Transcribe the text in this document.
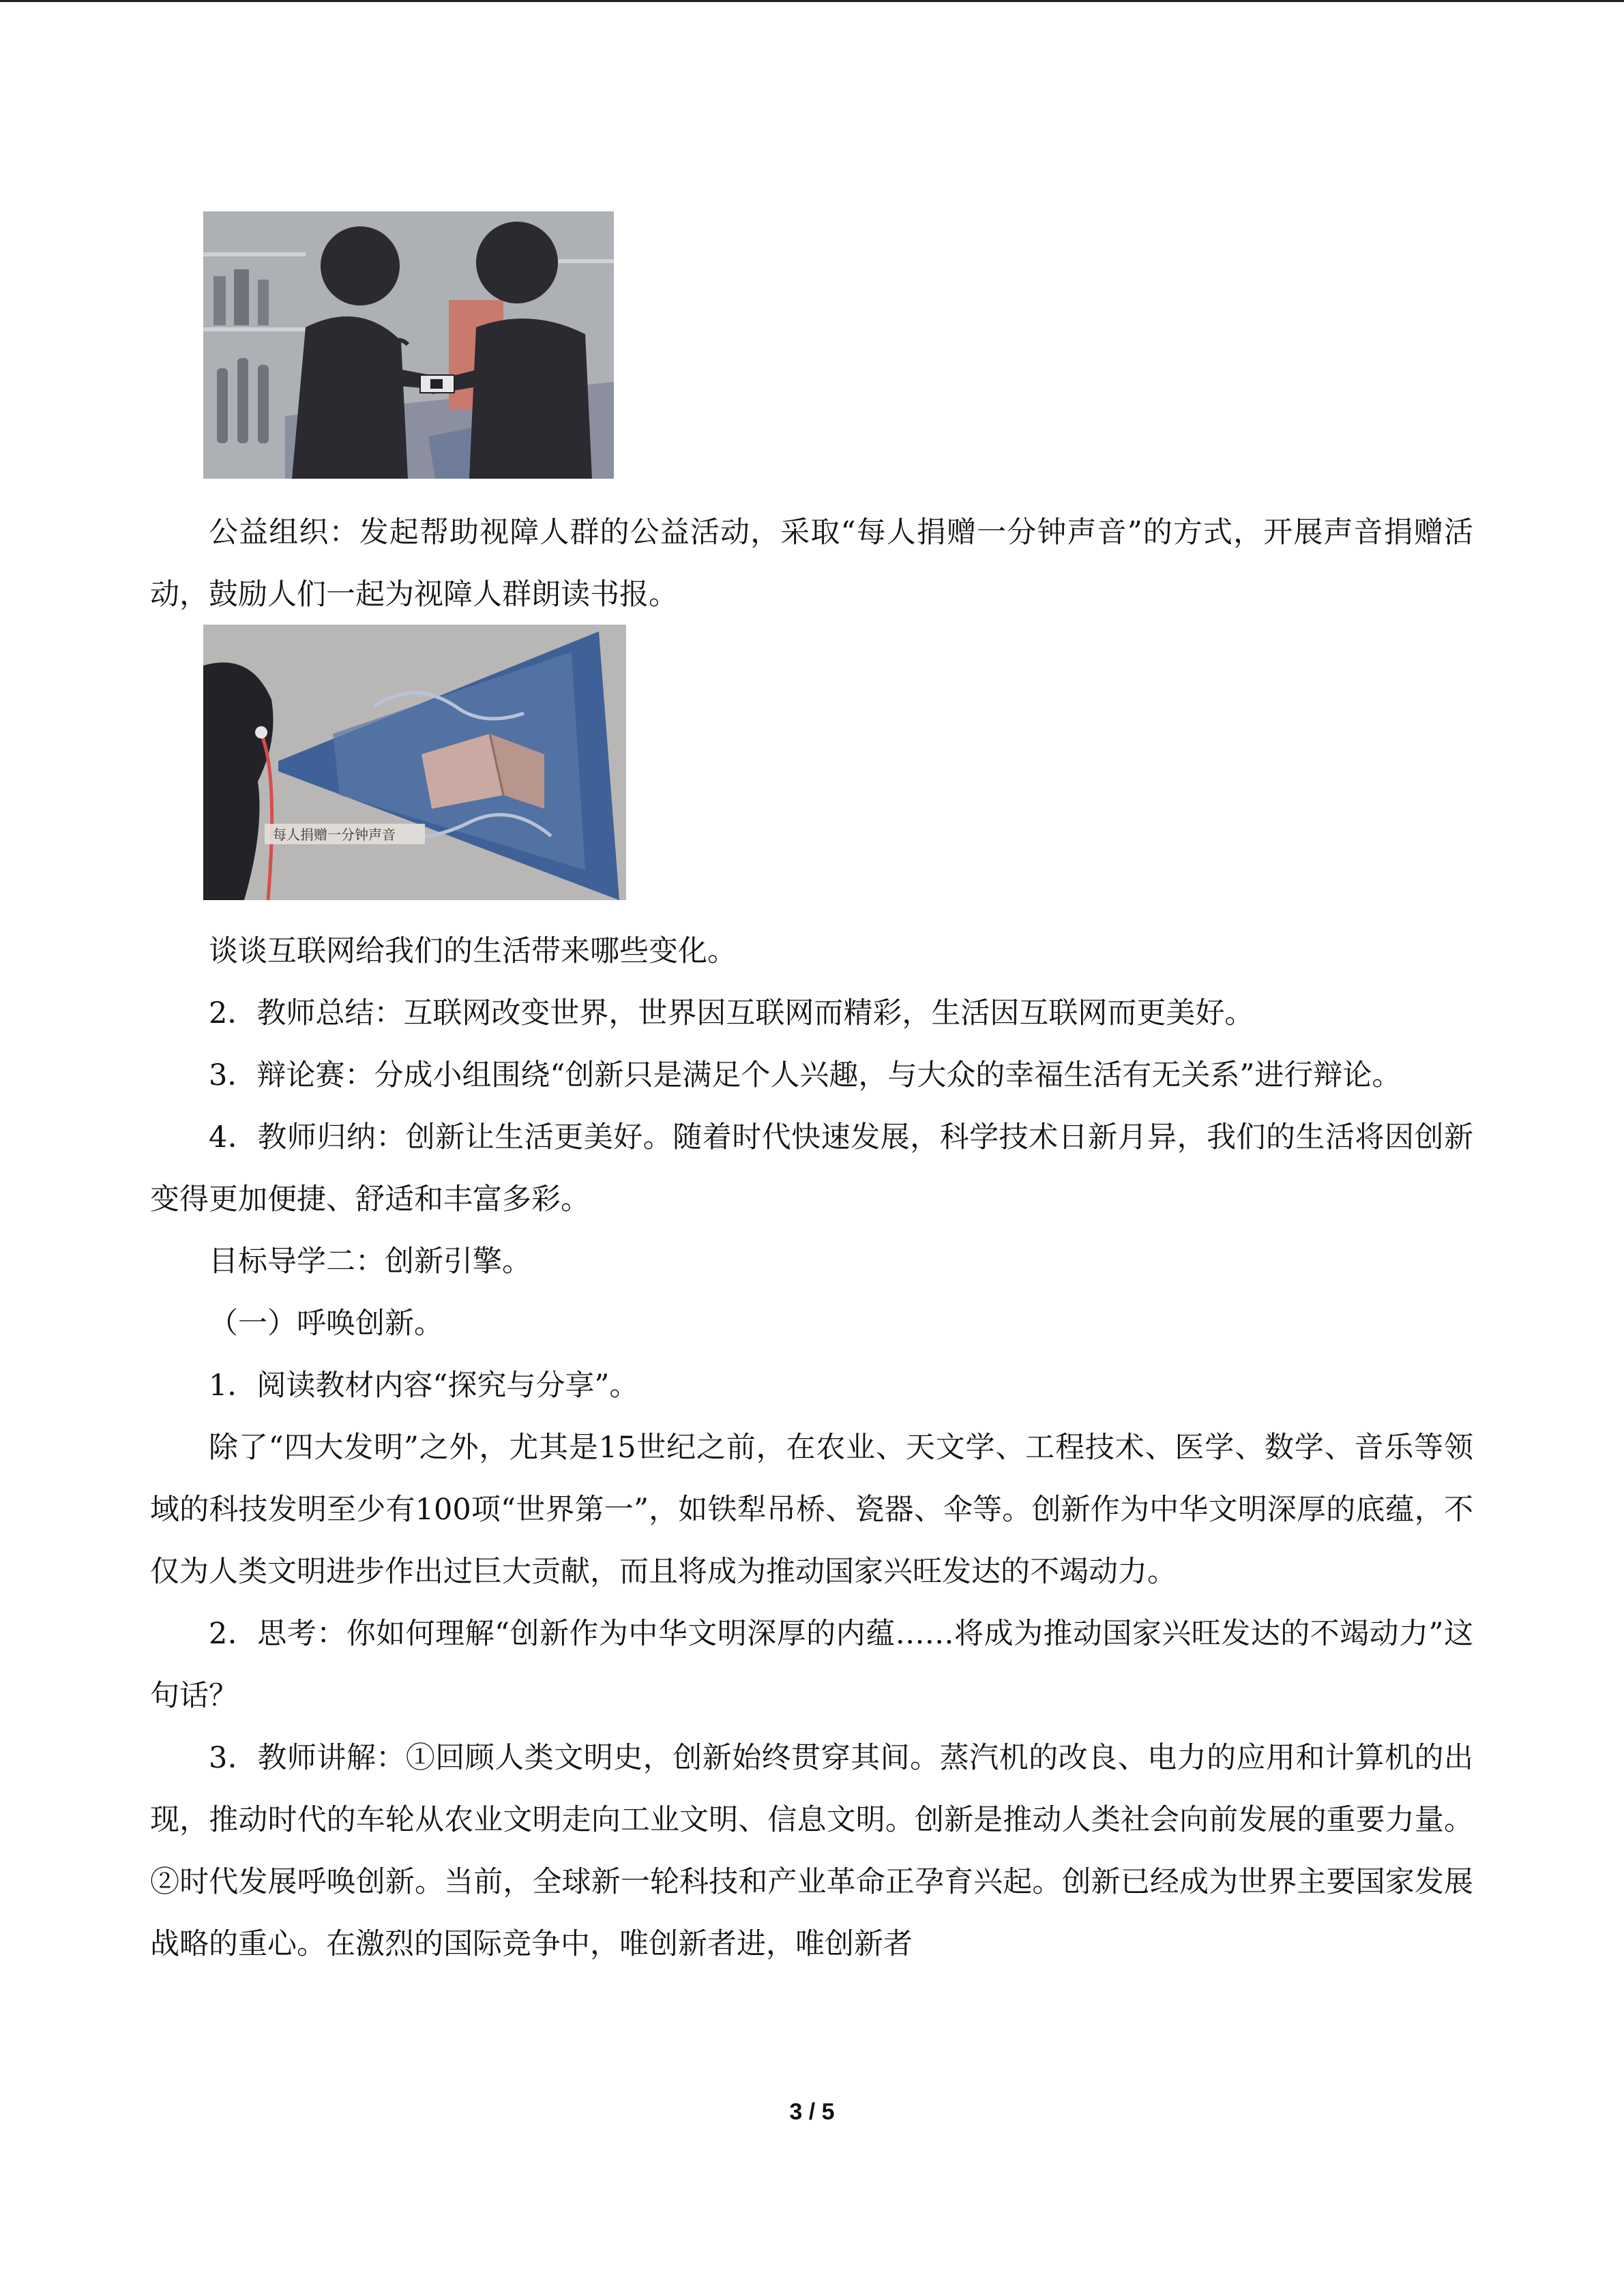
公益组织：发起帮助视障人群的公益活动，采取“每人捐赠一分钟声音”的方式，开展声音捐赠活动，鼓励人们一起为视障人群朗读书报。

每人捐赠一分钟声音

谈谈互联网给我们的生活带来哪些变化。

2．教师总结：互联网改变世界，世界因互联网而精彩，生活因互联网而更美好。

3．辩论赛：分成小组围绕“创新只是满足个人兴趣，与大众的幸福生活有无关系”进行辩论。

4．教师归纳：创新让生活更美好。随着时代快速发展，科学技术日新月异，我们的生活将因创新变得更加便捷、舒适和丰富多彩。

目标导学二：创新引擎。

（一）呼唤创新。

1．阅读教材内容“探究与分享”。

除了“四大发明”之外，尤其是15世纪之前，在农业、天文学、工程技术、医学、数学、音乐等领域的科技发明至少有100项“世界第一”，如铁犁吊桥、瓷器、伞等。创新作为中华文明深厚的底蕴，不仅为人类文明进步作出过巨大贡献，而且将成为推动国家兴旺发达的不竭动力。

2．思考：你如何理解“创新作为中华文明深厚的内蕴……将成为推动国家兴旺发达的不竭动力”这句话？

3．教师讲解：①回顾人类文明史，创新始终贯穿其间。蒸汽机的改良、电力的应用和计算机的出现，推动时代的车轮从农业文明走向工业文明、信息文明。创新是推动人类社会向前发展的重要力量。②时代发展呼唤创新。当前，全球新一轮科技和产业革命正孕育兴起。创新已经成为世界主要国家发展战略的重心。在激烈的国际竞争中，唯创新者进，唯创新者

3 / 5
